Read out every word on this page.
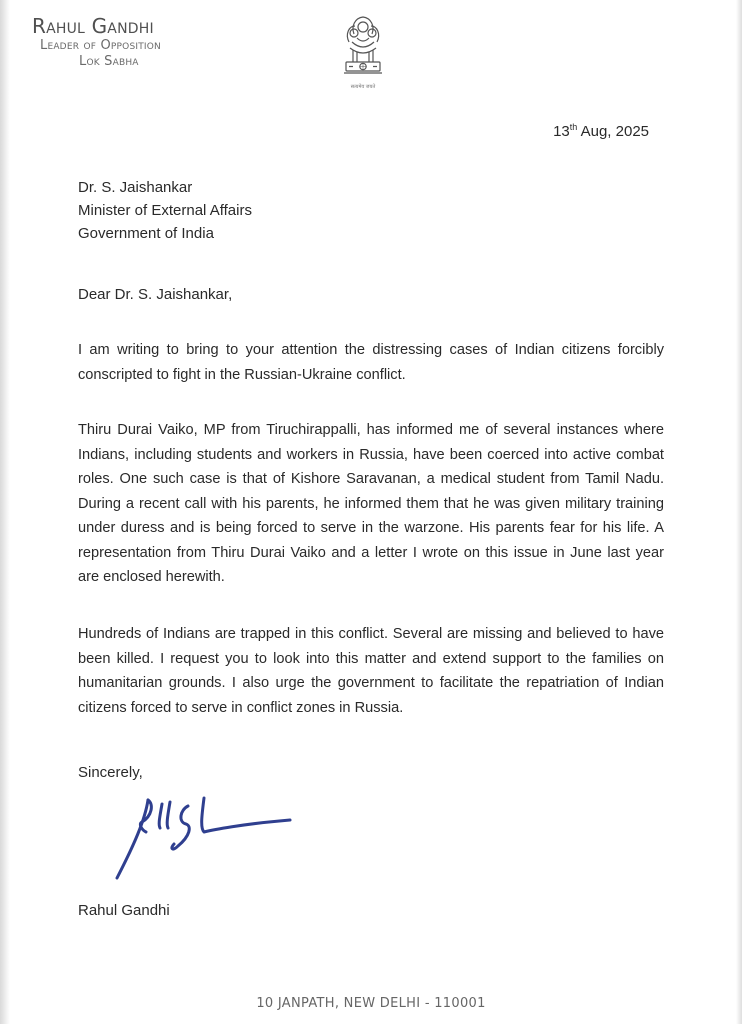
Rahul Gandhi
Leader of Opposition
Lok Sabha
सत्यमेव जयते
13th Aug, 2025
Dr. S. Jaishankar
Minister of External Affairs
Government of India
Dear Dr. S. Jaishankar,

I am writing to bring to your attention the distressing cases of Indian citizens forcibly conscripted to fight in the Russian-Ukraine conflict.

Thiru Durai Vaiko, MP from Tiruchirappalli, has informed me of several instances where Indians, including students and workers in Russia, have been coerced into active combat roles. One such case is that of Kishore Saravanan, a medical student from Tamil Nadu. During a recent call with his parents, he informed them that he was given military training under duress and is being forced to serve in the warzone. His parents fear for his life. A representation from Thiru Durai Vaiko and a letter I wrote on this issue in June last year are enclosed herewith.

Hundreds of Indians are trapped in this conflict. Several are missing and believed to have been killed. I request you to look into this matter and extend support to the families on humanitarian grounds. I also urge the government to facilitate the repatriation of Indian citizens forced to serve in conflict zones in Russia.

Sincerely,
Rahul Gandhi
10 JANPATH, NEW DELHI - 110001
